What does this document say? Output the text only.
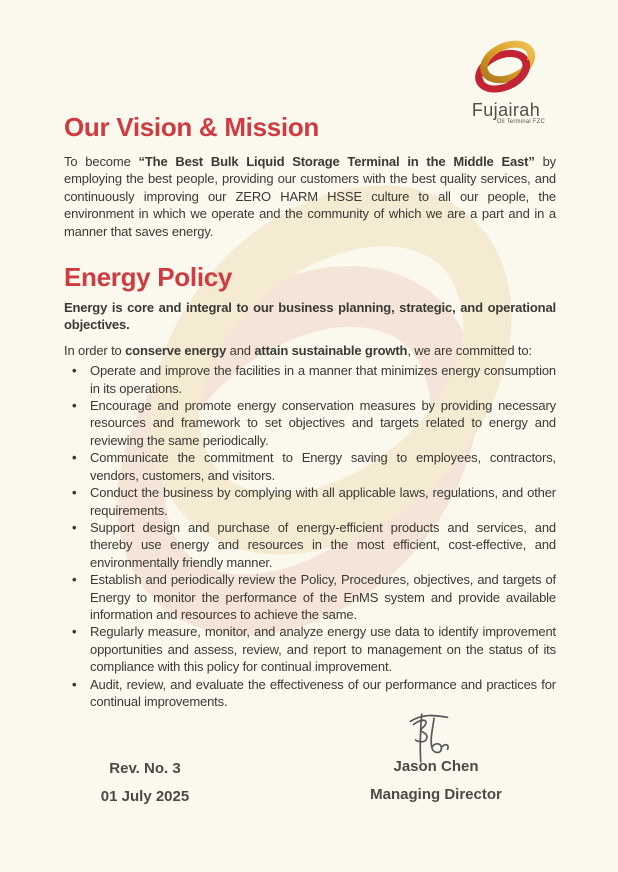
Fujairah
Oil Terminal FZC
Our Vision & Mission

To become “The Best Bulk Liquid Storage Terminal in the Middle East” by employing the best people, providing our customers with the best quality services, and continuously improving our ZERO HARM HSSE culture to all our people, the environment in which we operate and the community of which we are a part and in a manner that saves energy.

Energy Policy

Energy is core and integral to our business planning, strategic, and operational objectives.

In order to conserve energy and attain sustainable growth, we are committed to:

• Operate and improve the facilities in a manner that minimizes energy consumption in its operations.
• Encourage and promote energy conservation measures by providing necessary resources and framework to set objectives and targets related to energy and reviewing the same periodically.
• Communicate the commitment to Energy saving to employees, contractors, vendors, customers, and visitors.
• Conduct the business by complying with all applicable laws, regulations, and other requirements.
• Support design and purchase of energy-efficient products and services, and thereby use energy and resources in the most efficient, cost-effective, and environmentally friendly manner.
• Establish and periodically review the Policy, Procedures, objectives, and targets of Energy to monitor the performance of the EnMS system and provide available information and resources to achieve the same.
• Regularly measure, monitor, and analyze energy use data to identify improvement opportunities and assess, review, and report to management on the status of its compliance with this policy for continual improvement.
• Audit, review, and evaluate the effectiveness of our performance and practices for continual improvements.
Rev. No. 3
01 July 2025
Jason Chen
Managing Director
